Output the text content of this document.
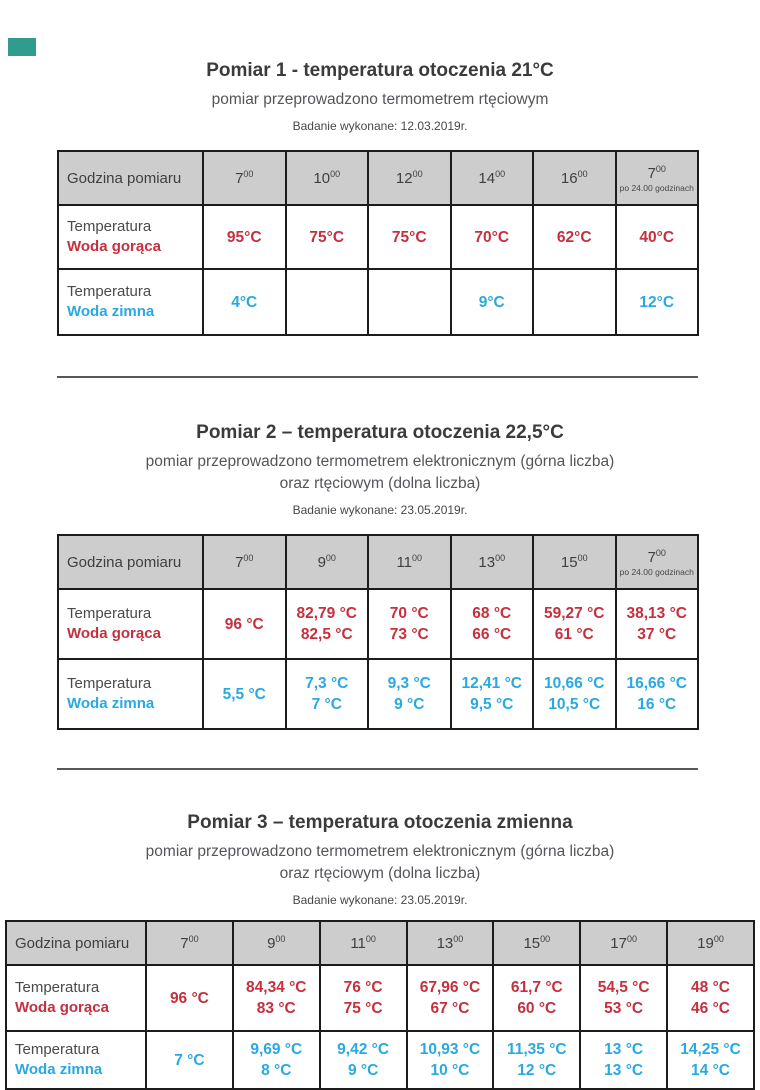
Pomiar 1 - temperatura otoczenia 21°C
pomiar przeprowadzono termometrem rtęciowym
Badanie wykonane: 12.03.2019r.
Godzina pomiaru	$7^{00}$	$10^{00}$	$12^{00}$	$14^{00}$	$16^{00}$	$7^{00}$
po 24.00 godzinach

Temperatura
Woda gorąca	95°C	75°C	75°C	70°C	62°C	40°C

Temperatura
Woda zimna	4°C			9°C		12°C
Pomiar 2 – temperatura otoczenia 22,5°C
pomiar przeprowadzono termometrem elektronicznym (górna liczba)
oraz rtęciowym (dolna liczba)
Badanie wykonane: 23.05.2019r.
Godzina pomiaru	$7^{00}$	$9^{00}$	$11^{00}$	$13^{00}$	$15^{00}$	$7^{00}$
po 24.00 godzinach

Temperatura
Woda gorąca

96 °C

82,79 °C
82,5 °C

70 °C
73 °C

68 °C
66 °C

59,27 °C
61 °C

38,13 °C
37 °C

Temperatura
Woda zimna

5,5 °C

7,3 °C
7 °C

9,3 °C
9 °C

12,41 °C
9,5 °C

10,66 °C
10,5 °C

16,66 °C
16 °C
Pomiar 3 – temperatura otoczenia zmienna
pomiar przeprowadzono termometrem elektronicznym (górna liczba)
oraz rtęciowym (dolna liczba)
Badanie wykonane: 23.05.2019r.
Godzina pomiaru	$7^{00}$	$9^{00}$	$11^{00}$	$13^{00}$	$15^{00}$	$17^{00}$	$19^{00}$

Temperatura
Woda gorąca

96 °C

84,34 °C
83 °C

76 °C
75 °C

67,96 °C
67 °C

61,7 °C
60 °C

54,5 °C
53 °C

48 °C
46 °C

Temperatura
Woda zimna

7 °C

9,69 °C
8 °C

9,42 °C
9 °C

10,93 °C
10 °C

11,35 °C
12 °C

13 °C
13 °C

14,25 °C
14 °C
